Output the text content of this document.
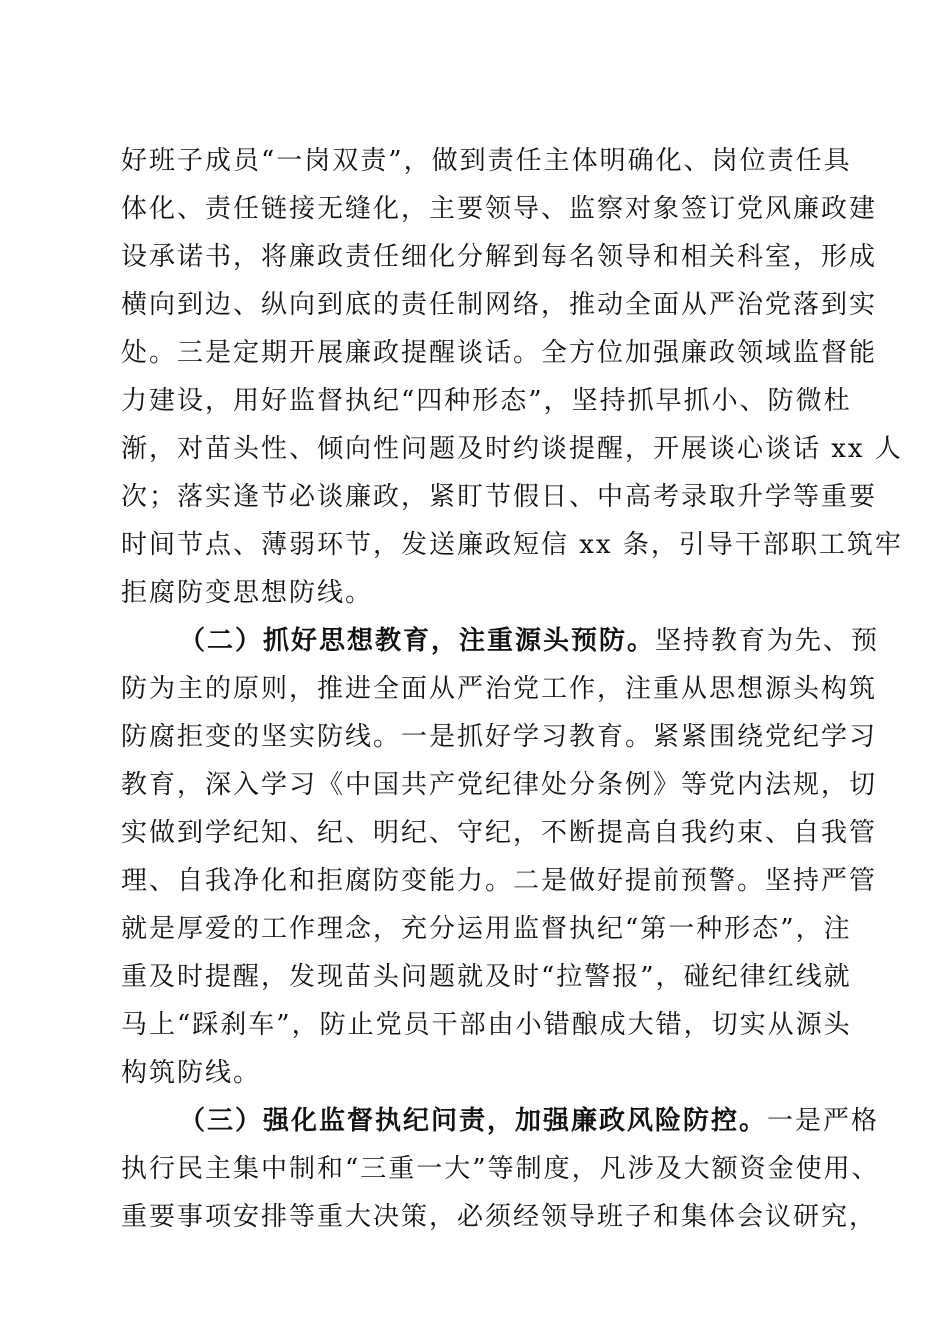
好班子成员“一岗双责”，做到责任主体明确化、岗位责任具
体化、责任链接无缝化，主要领导、监察对象签订党风廉政建
设承诺书，将廉政责任细化分解到每名领导和相关科室，形成
横向到边、纵向到底的责任制网络，推动全面从严治党落到实
处。三是定期开展廉政提醒谈话。全方位加强廉政领域监督能
力建设，用好监督执纪“四种形态”，坚持抓早抓小、防微杜
渐，对苗头性、倾向性问题及时约谈提醒，开展谈心谈话 xx 人
次；落实逢节必谈廉政，紧盯节假日、中高考录取升学等重要
时间节点、薄弱环节，发送廉政短信 xx 条，引导干部职工筑牢
拒腐防变思想防线。
（二）抓好思想教育，注重源头预防。坚持教育为先、预
防为主的原则，推进全面从严治党工作，注重从思想源头构筑
防腐拒变的坚实防线。一是抓好学习教育。紧紧围绕党纪学习
教育，深入学习《中国共产党纪律处分条例》等党内法规，切
实做到学纪知、纪、明纪、守纪，不断提高自我约束、自我管
理、自我净化和拒腐防变能力。二是做好提前预警。坚持严管
就是厚爱的工作理念，充分运用监督执纪“第一种形态”，注
重及时提醒，发现苗头问题就及时“拉警报”，碰纪律红线就
马上“踩刹车”，防止党员干部由小错酿成大错，切实从源头
构筑防线。
（三）强化监督执纪问责，加强廉政风险防控。一是严格
执行民主集中制和“三重一大”等制度，凡涉及大额资金使用、
重要事项安排等重大决策，必须经领导班子和集体会议研究，
